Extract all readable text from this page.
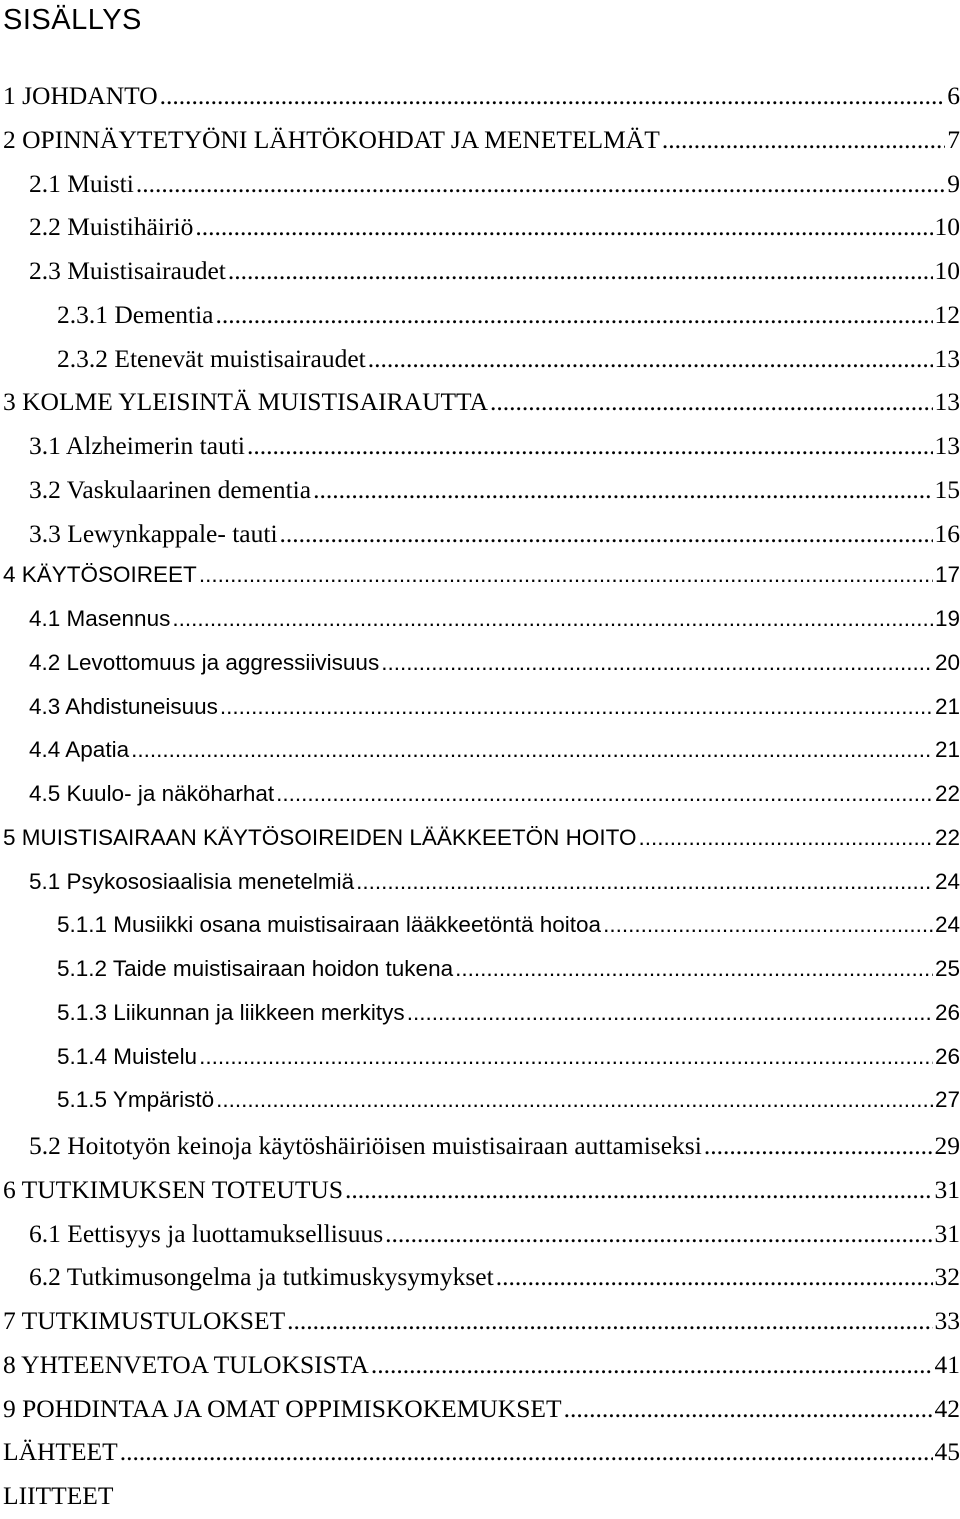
SISÄLLYS
1 JOHDANTO .....	6
2 OPINNÄYTETYÖNI LÄHTÖKOHDAT JA MENETELMÄT .....	7
2.1 Muisti .....	9
2.2 Muistihäiriö .....	10
2.3 Muistisairaudet .....	10
2.3.1 Dementia .....	12
2.3.2 Etenevät muistisairaudet .....	13
3 KOLME YLEISINTÄ MUISTISAIRAUTTA .....	13
3.1 Alzheimerin tauti .....	13
3.2 Vaskulaarinen dementia .....	15
3.3 Lewynkappale- tauti .....	16
4 KÄYTÖSOIREET .....	17
4.1 Masennus .....	19
4.2 Levottomuus ja aggressiivisuus .....	20
4.3 Ahdistuneisuus .....	21
4.4 Apatia .....	21
4.5 Kuulo- ja näköharhat .....	22
5 MUISTISAIRAAN KÄYTÖSOIREIDEN LÄÄKKEETÖN HOITO .....	22
5.1 Psykososiaalisia menetelmiä .....	24
5.1.1 Musiikki osana muistisairaan lääkkeetöntä hoitoa .....	24
5.1.2 Taide muistisairaan hoidon tukena .....	25
5.1.3 Liikunnan ja liikkeen merkitys .....	26
5.1.4 Muistelu .....	26
5.1.5 Ympäristö .....	27
5.2 Hoitotyön keinoja käytöshäiriöisen muistisairaan auttamiseksi .....	29
6 TUTKIMUKSEN TOTEUTUS .....	31
6.1 Eettisyys ja luottamuksellisuus .....	31
6.2 Tutkimusongelma ja tutkimuskysymykset .....	32
7 TUTKIMUSTULOKSET .....	33
8 YHTEENVETOA TULOKSISTA .....	41
9 POHDINTAA JA OMAT OPPIMISKOKEMUKSET .....	42
LÄHTEET .....	45
LIITTEET
